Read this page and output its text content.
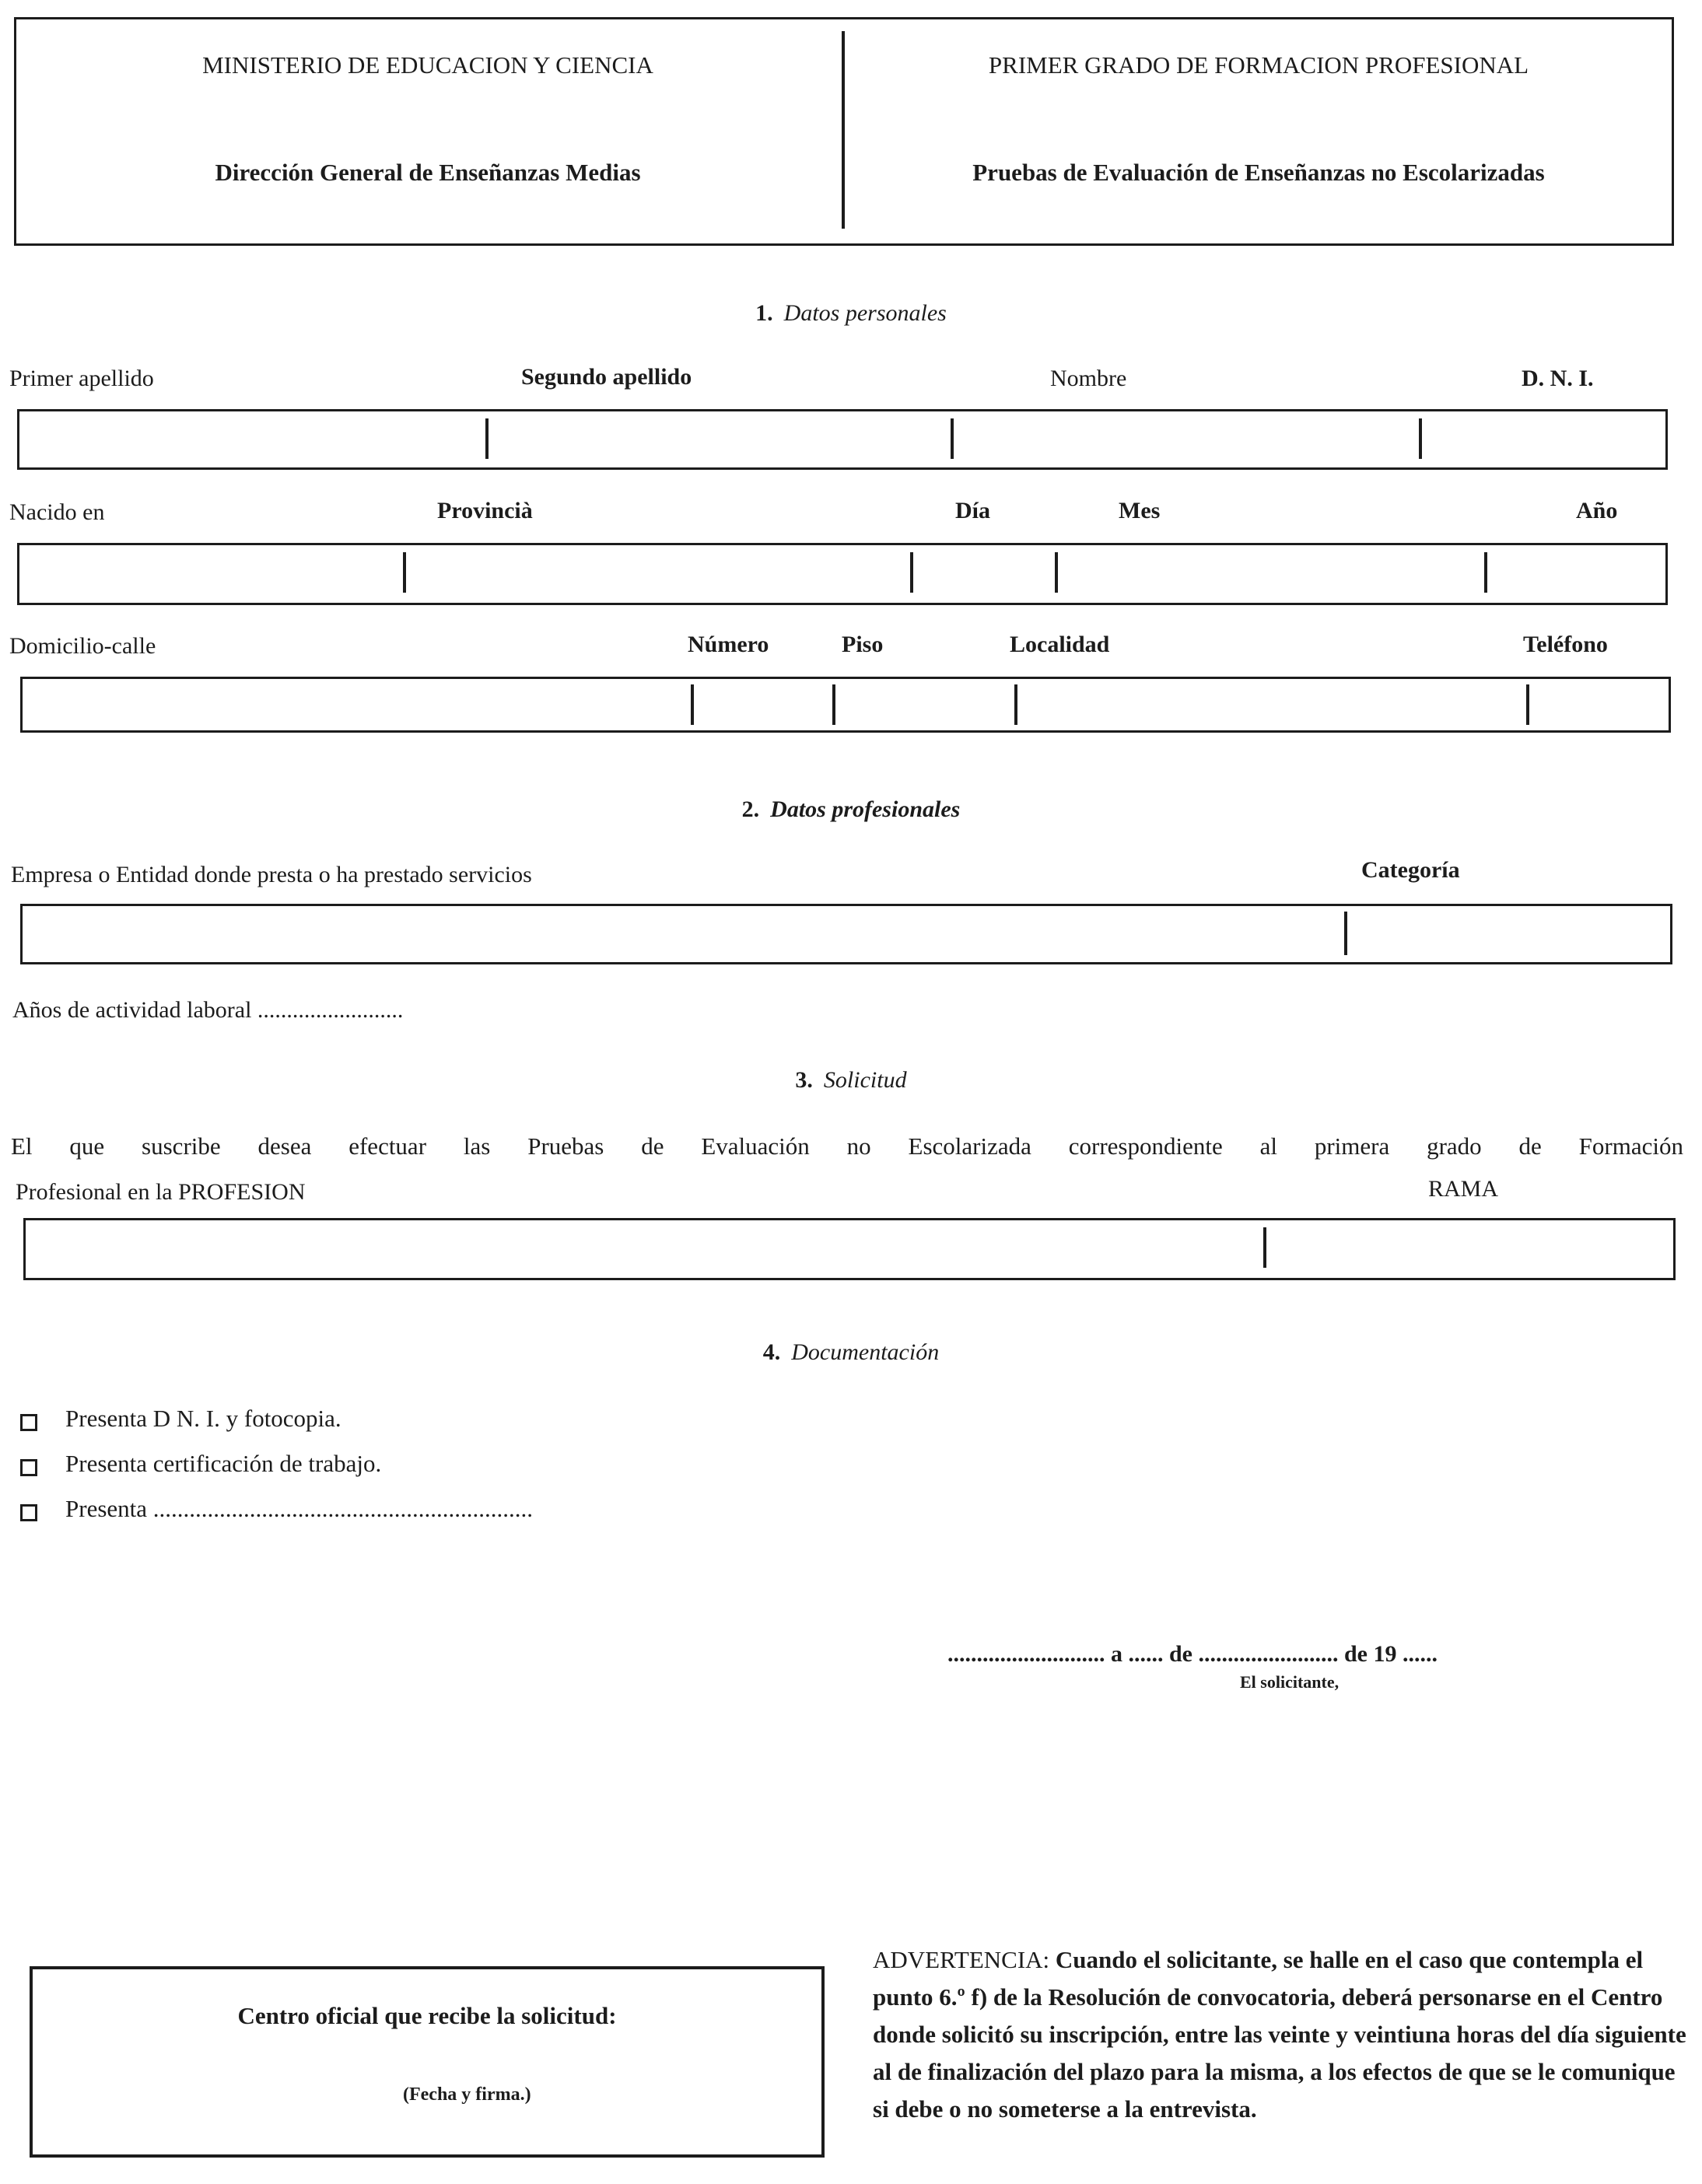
MINISTERIO DE EDUCACION Y CIENCIA
Dirección General de Enseñanzas Medias
PRIMER GRADO DE FORMACION PROFESIONAL
Pruebas de Evaluación de Enseñanzas no Escolarizadas
1. Datos personales
Primer apellido	Segundo apellido	Nombre	D. N. I.
Nacido en	Provincià	Día	Mes	Año
Domicilio-calle	Número	Piso	Localidad	Teléfono
2. Datos profesionales
Empresa o Entidad donde presta o ha prestado servicios	Categoría
Años de actividad laboral .........................
3. Solicitud
El que suscribe desea efectuar las Pruebas de Evaluación no Escolarizada correspondiente al primera grado de Formación
Profesional en la PROFESION	RAMA
4. Documentación
Presenta D N. I. y fotocopia.
Presenta certificación de trabajo.
Presenta ...............................................................
........................... a ...... de ........................ de 19 ......
El solicitante,
Centro oficial que recibe la solicitud:
(Fecha y firma.)
ADVERTENCIA: Cuando el solicitante, se halle en el caso que contempla el punto 6.º f) de la Resolución de convocatoria, deberá personarse en el Centro donde solicitó su inscripción, entre las veinte y veintiuna horas del día siguiente al de finalización del plazo para la misma, a los efectos de que se le comunique si debe o no someterse a la entrevista.
